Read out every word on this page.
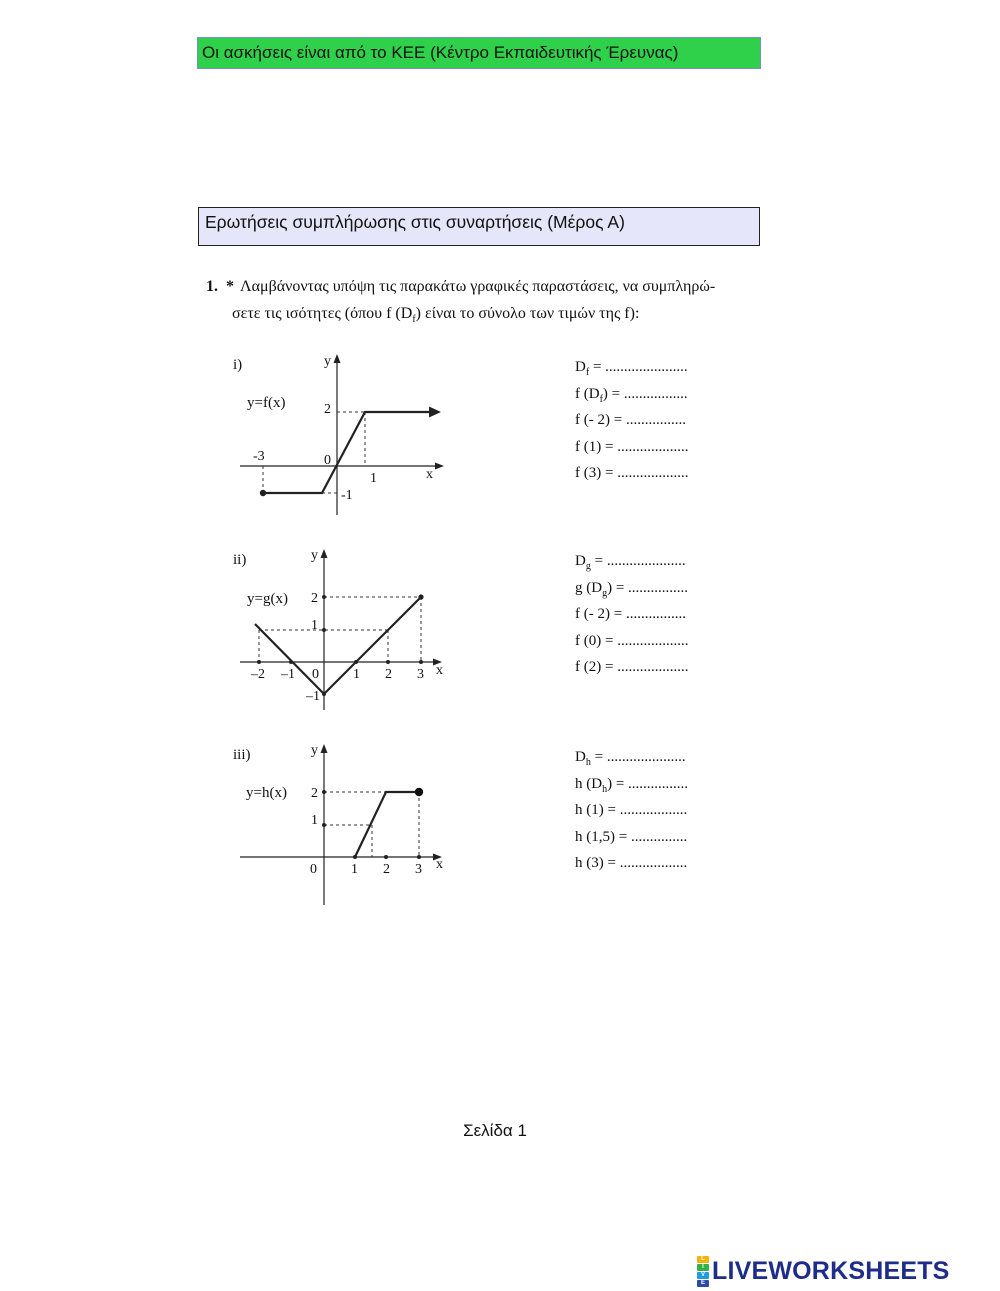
Οι ασκήσεις είναι από το ΚΕΕ (Κέντρο Εκπαιδευτικής Έρευνας)
Ερωτήσεις συμπλήρωσης στις συναρτήσεις (Μέρος Α)
1. * Λαμβάνοντας υπόψη τις παρακάτω γραφικές παραστάσεις, να συμπληρώ-
σετε τις ισότητες (όπου f $(D_f)$ είναι το σύνολο των τιμών της f):
i)
y=f(x)
y
x
-3	0
1
2
-1
ii)
y=g(x)
y
x
–2 –1 0 1 2 3
2
1
–1
iii)
y=h(x)
y
x
0 1 2 3
2
1
$D_f$ = ......................
f $(D_f)$ = .................
f (- 2) = ................
f (1) = ...................
f (3) = ...................
$D_g$ = .....................
g $(D_g)$ = ................
f (- 2) = ................
f (0) = ...................
f (2) = ...................
$D_h$ = .....................
h $(D_h)$ = ................
h (1) = ..................
h (1,5) = ...............
h (3) = ..................
Σελίδα 1
L
I
V
E LIVEWORKSHEETS
